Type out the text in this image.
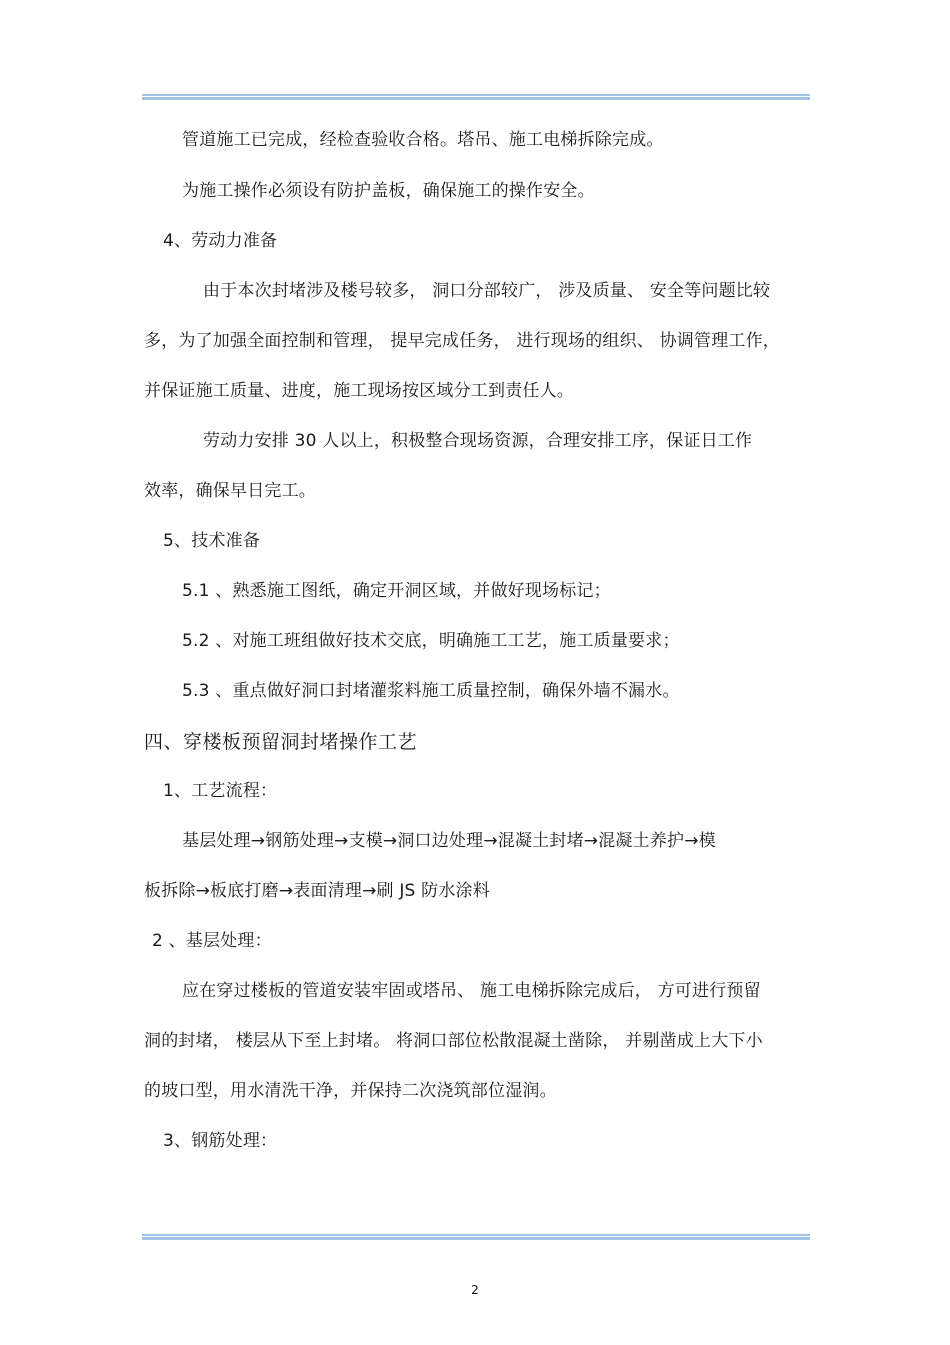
管道施工已完成，经检查验收合格。塔吊、施工电梯拆除完成。
为施工操作必须设有防护盖板，确保施工的操作安全。
4、劳动力准备
由于本次封堵涉及楼号较多， 洞口分部较广， 涉及质量、 安全等问题比较
多，为了加强全面控制和管理， 提早完成任务， 进行现场的组织、 协调管理工作，
并保证施工质量、进度，施工现场按区域分工到责任人。
劳动力安排 30 人以上，积极整合现场资源，合理安排工序，保证日工作
效率，确保早日完工。
5、技术准备
5.1 、熟悉施工图纸，确定开洞区域，并做好现场标记；
5.2 、对施工班组做好技术交底，明确施工工艺，施工质量要求；
5.3 、重点做好洞口封堵灌浆料施工质量控制，确保外墙不漏水。
四、穿楼板预留洞封堵操作工艺
1、工艺流程：
基层处理→钢筋处理→支模→洞口边处理→混凝土封堵→混凝土养护→模
板拆除→板底打磨→表面清理→刷 JS 防水涂料
2 、基层处理：
应在穿过楼板的管道安装牢固或塔吊、 施工电梯拆除完成后， 方可进行预留
洞的封堵， 楼层从下至上封堵。 将洞口部位松散混凝土凿除， 并剔凿成上大下小
的坡口型，用水清洗干净，并保持二次浇筑部位湿润。
3、钢筋处理：
2
